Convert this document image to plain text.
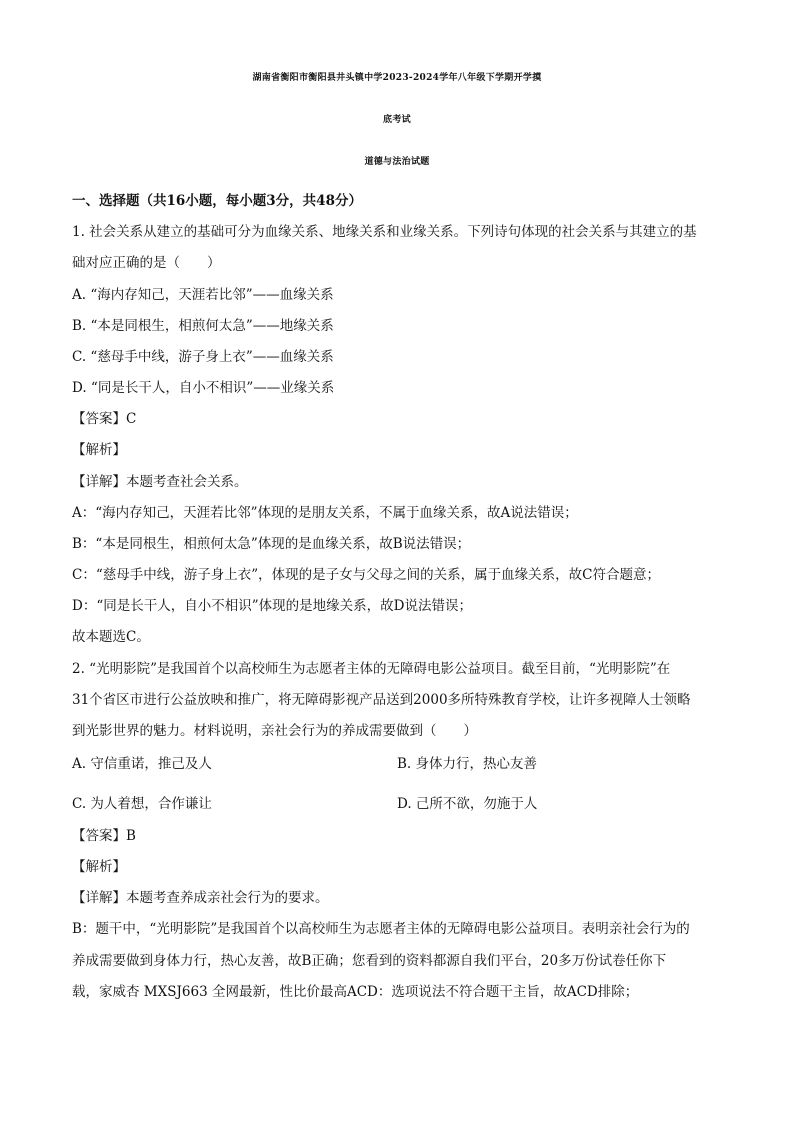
湖南省衡阳市衡阳县井头镇中学2023-2024学年八年级下学期开学摸
底考试
道德与法治试题
一、选择题（共16小题，每小题3分，共48分）
1. 社会关系从建立的基础可分为血缘关系、地缘关系和业缘关系。下列诗句体现的社会关系与其建立的基
础对应正确的是（　　）
A. “海内存知己，天涯若比邻”——血缘关系
B. “本是同根生，相煎何太急”——地缘关系
C. “慈母手中线，游子身上衣”——血缘关系
D. “同是长干人，自小不相识”——业缘关系
【答案】C
【解析】
【详解】本题考查社会关系。
A：“海内存知己，天涯若比邻”体现的是朋友关系，不属于血缘关系，故A说法错误；
B：“本是同根生，相煎何太急”体现的是血缘关系，故B说法错误；
C：“慈母手中线，游子身上衣”，体现的是子女与父母之间的关系，属于血缘关系，故C符合题意；
D：“同是长干人，自小不相识”体现的是地缘关系，故D说法错误；
故本题选C。
2. “光明影院”是我国首个以高校师生为志愿者主体的无障碍电影公益项目。截至目前，“光明影院”在
31个省区市进行公益放映和推广，将无障碍影视产品送到2000多所特殊教育学校，让许多视障人士领略
到光影世界的魅力。材料说明，亲社会行为的养成需要做到（　　）
A. 守信重诺，推己及人	B. 身体力行，热心友善
C. 为人着想，合作谦让	D. 己所不欲，勿施于人
【答案】B
【解析】
【详解】本题考查养成亲社会行为的要求。
B：题干中，“光明影院”是我国首个以高校师生为志愿者主体的无障碍电影公益项目。表明亲社会行为的
养成需要做到身体力行，热心友善，故B正确；您看到的资料都源自我们平台，20多万份试卷任你下
载，家威杏 MXSJ663 全网最新，性比价最高ACD：选项说法不符合题干主旨，故ACD排除；
